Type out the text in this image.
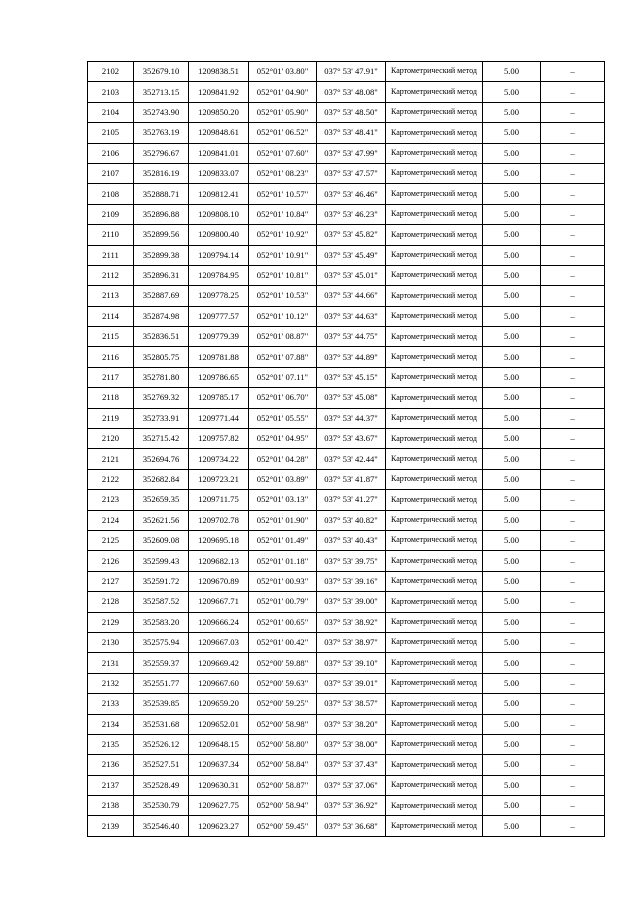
2102	352679.10	1209838.51	052°01' 03.80"	037° 53' 47.91"	Картометрический метод	5.00	–
2103	352713.15	1209841.92	052°01' 04.90"	037° 53' 48.08"	Картометрический метод	5.00	–
2104	352743.90	1209850.20	052°01' 05.90"	037° 53' 48.50"	Картометрический метод	5.00	–
2105	352763.19	1209848.61	052°01' 06.52"	037° 53' 48.41"	Картометрический метод	5.00	–
2106	352796.67	1209841.01	052°01' 07.60"	037° 53' 47.99"	Картометрический метод	5.00	–
2107	352816.19	1209833.07	052°01' 08.23"	037° 53' 47.57"	Картометрический метод	5.00	–
2108	352888.71	1209812.41	052°01' 10.57"	037° 53' 46.46"	Картометрический метод	5.00	–
2109	352896.88	1209808.10	052°01' 10.84"	037° 53' 46.23"	Картометрический метод	5.00	–
2110	352899.56	1209800.40	052°01' 10.92"	037° 53' 45.82"	Картометрический метод	5.00	–
2111	352899.38	1209794.14	052°01' 10.91"	037° 53' 45.49"	Картометрический метод	5.00	–
2112	352896.31	1209784.95	052°01' 10.81"	037° 53' 45.01"	Картометрический метод	5.00	–
2113	352887.69	1209778.25	052°01' 10.53"	037° 53' 44.66"	Картометрический метод	5.00	–
2114	352874.98	1209777.57	052°01' 10.12"	037° 53' 44.63"	Картометрический метод	5.00	–
2115	352836.51	1209779.39	052°01' 08.87"	037° 53' 44.75"	Картометрический метод	5.00	–
2116	352805.75	1209781.88	052°01' 07.88"	037° 53' 44.89"	Картометрический метод	5.00	–
2117	352781.80	1209786.65	052°01' 07.11"	037° 53' 45.15"	Картометрический метод	5.00	–
2118	352769.32	1209785.17	052°01' 06.70"	037° 53' 45.08"	Картометрический метод	5.00	–
2119	352733.91	1209771.44	052°01' 05.55"	037° 53' 44.37"	Картометрический метод	5.00	–
2120	352715.42	1209757.82	052°01' 04.95"	037° 53' 43.67"	Картометрический метод	5.00	–
2121	352694.76	1209734.22	052°01' 04.28"	037° 53' 42.44"	Картометрический метод	5.00	–
2122	352682.84	1209723.21	052°01' 03.89"	037° 53' 41.87"	Картометрический метод	5.00	–
2123	352659.35	1209711.75	052°01' 03.13"	037° 53' 41.27"	Картометрический метод	5.00	–
2124	352621.56	1209702.78	052°01' 01.90"	037° 53' 40.82"	Картометрический метод	5.00	–
2125	352609.08	1209695.18	052°01' 01.49"	037° 53' 40.43"	Картометрический метод	5.00	–
2126	352599.43	1209682.13	052°01' 01.18"	037° 53' 39.75"	Картометрический метод	5.00	–
2127	352591.72	1209670.89	052°01' 00.93"	037° 53' 39.16"	Картометрический метод	5.00	–
2128	352587.52	1209667.71	052°01' 00.79"	037° 53' 39.00"	Картометрический метод	5.00	–
2129	352583.20	1209666.24	052°01' 00.65"	037° 53' 38.92"	Картометрический метод	5.00	–
2130	352575.94	1209667.03	052°01' 00.42"	037° 53' 38.97"	Картометрический метод	5.00	–
2131	352559.37	1209669.42	052°00' 59.88"	037° 53' 39.10"	Картометрический метод	5.00	–
2132	352551.77	1209667.60	052°00' 59.63"	037° 53' 39.01"	Картометрический метод	5.00	–
2133	352539.85	1209659.20	052°00' 59.25"	037° 53' 38.57"	Картометрический метод	5.00	–
2134	352531.68	1209652.01	052°00' 58.98"	037° 53' 38.20"	Картометрический метод	5.00	–
2135	352526.12	1209648.15	052°00' 58.80"	037° 53' 38.00"	Картометрический метод	5.00	–
2136	352527.51	1209637.34	052°00' 58.84"	037° 53' 37.43"	Картометрический метод	5.00	–
2137	352528.49	1209630.31	052°00' 58.87"	037° 53' 37.06"	Картометрический метод	5.00	–
2138	352530.79	1209627.75	052°00' 58.94"	037° 53' 36.92"	Картометрический метод	5.00	–
2139	352546.40	1209623.27	052°00' 59.45"	037° 53' 36.68"	Картометрический метод	5.00	–
